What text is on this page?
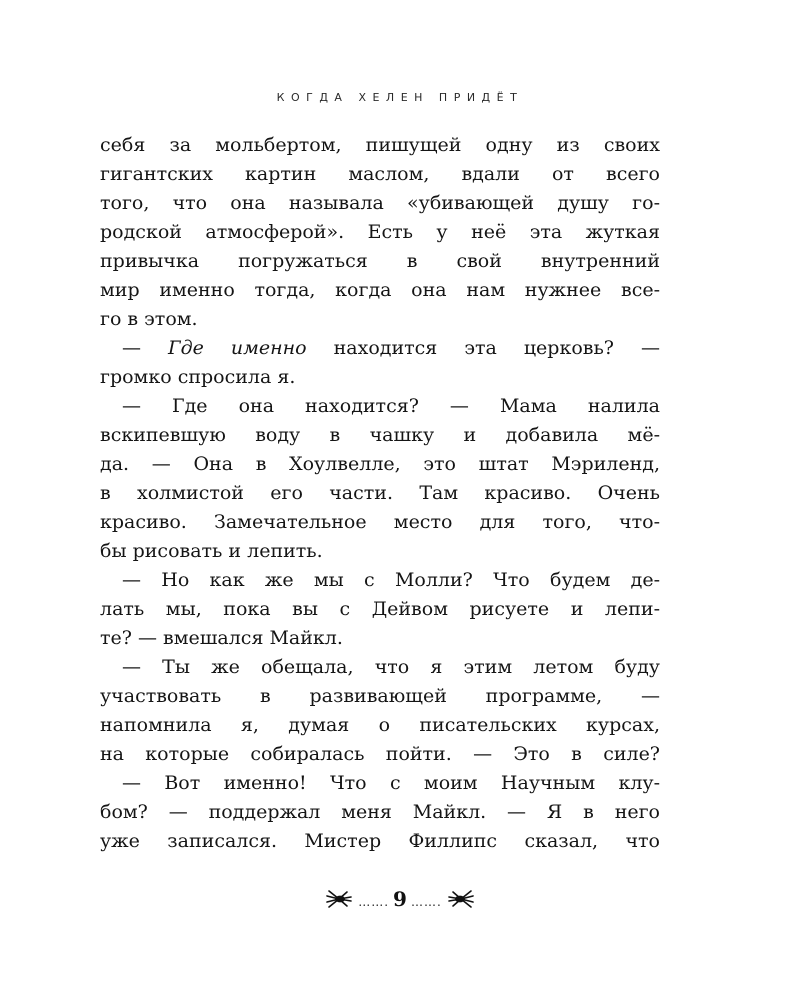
КОГДА ХЕЛЕН ПРИДЁТ
себя за мольбертом, пишущей одну из своих
гигантских картин маслом, вдали от всего
того, что она называла «убивающей душу го-
родской атмосферой». Есть у неё эта жуткая
привычка погружаться в свой внутренний
мир именно тогда, когда она нам нужнее все-
го в этом.
— Где именно находится эта церковь? —
громко спросила я.
— Где она находится? — Мама налила
вскипевшую воду в чашку и добавила мё-
да. — Она в Хоулвелле, это штат Мэриленд,
в холмистой его части. Там красиво. Очень
красиво. Замечательное место для того, что-
бы рисовать и лепить.
— Но как же мы с Молли? Что будем де-
лать мы, пока вы с Дейвом рисуете и лепи-
те? — вмешался Майкл.
— Ты же обещала, что я этим летом буду
участвовать в развивающей программе, —
напомнила я, думая о писательских курсах,
на которые собиралась пойти. — Это в силе?
— Вот именно! Что с моим Научным клу-
бом? — поддержал меня Майкл. — Я в него
уже записался. Мистер Филлипс сказал, что
……. 9 …….
